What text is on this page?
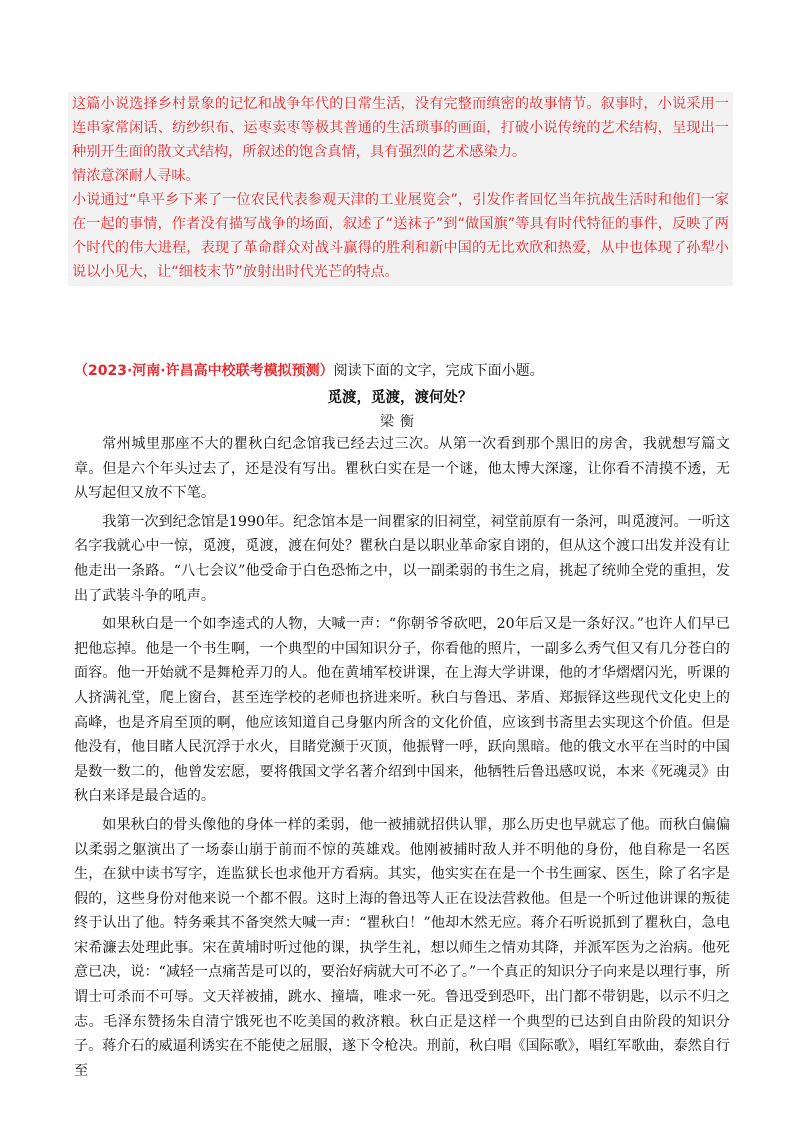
这篇小说选择乡村景象的记忆和战争年代的日常生活，没有完整而缜密的故事情节。叙事时，小说采用一连串家常闲话、纺纱织布、运枣卖枣等极其普通的生活琐事的画面，打破小说传统的艺术结构，呈现出一种别开生面的散文式结构，所叙述的饱含真情，具有强烈的艺术感染力。

情浓意深耐人寻味。

小说通过“阜平乡下来了一位农民代表参观天津的工业展览会”，引发作者回忆当年抗战生活时和他们一家在一起的事情，作者没有描写战争的场面，叙述了“送袜子”到“做国旗”等具有时代特征的事件，反映了两个时代的伟大进程，表现了革命群众对战斗赢得的胜利和新中国的无比欢欣和热爱，从中也体现了孙犁小说以小见大，让“细枝末节”放射出时代光芒的特点。

（2023·河南·许昌高中校联考模拟预测）阅读下面的文字，完成下面小题。
觅渡，觅渡，渡何处？
梁衡

常州城里那座不大的瞿秋白纪念馆我已经去过三次。从第一次看到那个黑旧的房舍，我就想写篇文章。但是六个年头过去了，还是没有写出。瞿秋白实在是一个谜，他太博大深邃，让你看不清摸不透，无从写起但又放不下笔。

我第一次到纪念馆是1990年。纪念馆本是一间瞿家的旧祠堂，祠堂前原有一条河，叫觅渡河。一听这名字我就心中一惊，觅渡，觅渡，渡在何处？瞿秋白是以职业革命家自诩的，但从这个渡口出发并没有让他走出一条路。“八七会议”他受命于白色恐怖之中，以一副柔弱的书生之肩，挑起了统帅全党的重担，发出了武装斗争的吼声。

如果秋白是一个如李逵式的人物，大喊一声：“你朝爷爷砍吧，20年后又是一条好汉。”也许人们早已把他忘掉。他是一个书生啊，一个典型的中国知识分子，你看他的照片，一副多么秀气但又有几分苍白的面容。他一开始就不是舞枪弄刀的人。他在黄埔军校讲课，在上海大学讲课，他的才华熠熠闪光，听课的人挤满礼堂，爬上窗台，甚至连学校的老师也挤进来听。秋白与鲁迅、茅盾、郑振铎这些现代文化史上的高峰，也是齐肩至顶的啊，他应该知道自己身躯内所含的文化价值，应该到书斋里去实现这个价值。但是他没有，他目睹人民沉浮于水火，目睹党濒于灭顶，他振臂一呼，跃向黑暗。他的俄文水平在当时的中国是数一数二的，他曾发宏愿，要将俄国文学名著介绍到中国来，他牺牲后鲁迅感叹说，本来《死魂灵》由秋白来译是最合适的。

如果秋白的骨头像他的身体一样的柔弱，他一被捕就招供认罪，那么历史也早就忘了他。而秋白偏偏以柔弱之躯演出了一场泰山崩于前而不惊的英雄戏。他刚被捕时敌人并不明他的身份，他自称是一名医生，在狱中读书写字，连监狱长也求他开方看病。其实，他实实在在是一个书生画家、医生，除了名字是假的，这些身份对他来说一个都不假。这时上海的鲁迅等人正在设法营救他。但是一个听过他讲课的叛徒终于认出了他。特务乘其不备突然大喊一声：“瞿秋白！”他却木然无应。蒋介石听说抓到了瞿秋白，急电宋希濂去处理此事。宋在黄埔时听过他的课，执学生礼，想以师生之情劝其降，并派军医为之治病。他死意已决，说：“减轻一点痛苦是可以的，要治好病就大可不必了。”一个真正的知识分子向来是以理行事，所谓士可杀而不可辱。文天祥被捕，跳水、撞墙，唯求一死。鲁迅受到恐吓，出门都不带钥匙，以示不归之志。毛泽东赞扬朱自清宁饿死也不吃美国的救济粮。秋白正是这样一个典型的已达到自由阶段的知识分子。蒋介石的威逼利诱实在不能使之屈服，遂下令枪决。刑前，秋白唱《国际歌》，唱红军歌曲，泰然自行至
